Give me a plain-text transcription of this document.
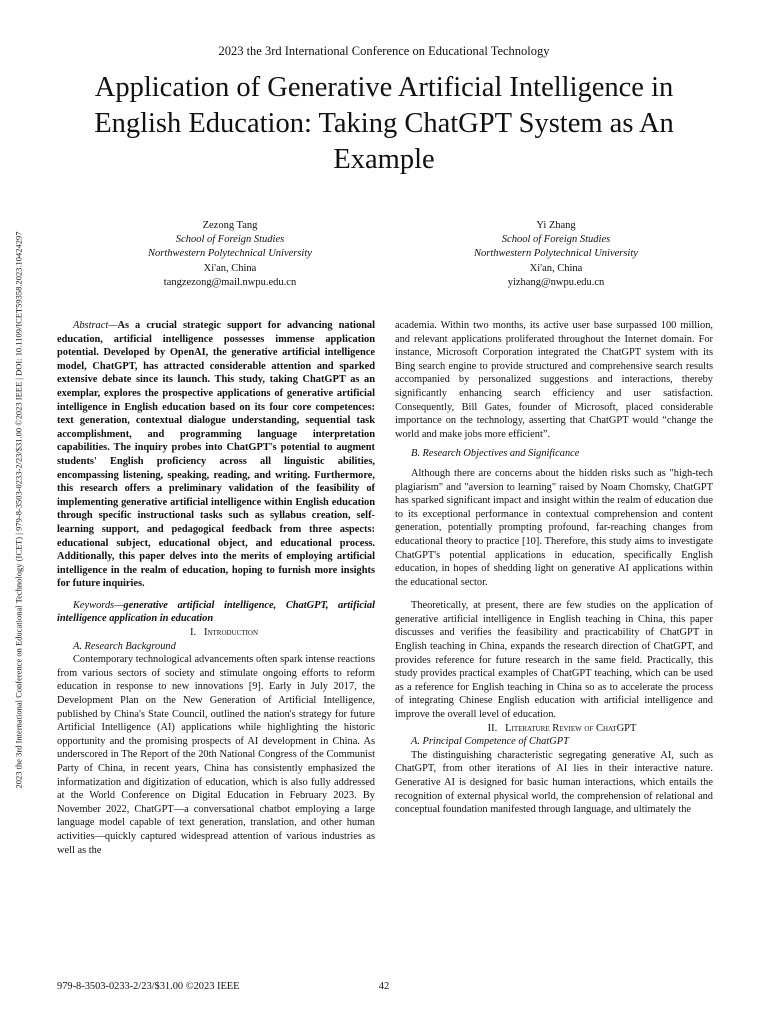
2023 the 3rd International Conference on Educational Technology
Application of Generative Artificial Intelligence in English Education: Taking ChatGPT System as An Example
2023 the 3rd International Conference on Educational Technology (ICET) | 979-8-3503-0233-2/23/$31.00 ©2023 IEEE | DOI: 10.1109/ICET59358.2023.10424297
Zezong Tang
School of Foreign Studies
Northwestern Polytechnical University
Xi'an, China
tangzezong@mail.nwpu.edu.cn
Yi Zhang
School of Foreign Studies
Northwestern Polytechnical University
Xi'an, China
yizhang@nwpu.edu.cn

Abstract—As a crucial strategic support for advancing national education, artificial intelligence possesses immense application potential. Developed by OpenAI, the generative artificial intelligence model, ChatGPT, has attracted considerable attention and sparked extensive debate since its launch. This study, taking ChatGPT as an exemplar, explores the prospective applications of generative artificial intelligence in English education based on its four core competences: text generation, contextual dialogue understanding, sequential task accomplishment, and programming language interpretation capabilities. The inquiry probes into ChatGPT's potential to augment students' English proficiency across all linguistic abilities, encompassing listening, speaking, reading, and writing. Furthermore, this research offers a preliminary validation of the feasibility of implementing generative artificial intelligence within English education through specific instructional tasks such as syllabus creation, self-learning support, and pedagogical feedback from three aspects: educational subject, educational object, and educational process. Additionally, this paper delves into the merits of employing artificial intelligence in the realm of education, hoping to furnish more insights for future inquiries.

Keywords—generative artificial intelligence, ChatGPT, artificial intelligence application in education

I. Introduction

A. Research Background

Contemporary technological advancements often spark intense reactions from various sectors of society and stimulate ongoing efforts to reform education in response to new innovations [9]. Early in July 2017, the Development Plan on the New Generation of Artificial Intelligence, published by China's State Council, outlined the nation's strategy for future Artificial Intelligence (AI) applications while highlighting the historic opportunity and the promising prospects of AI development in China. As underscored in The Report of the 20th National Congress of the Communist Party of China, in recent years, China has consistently emphasized the informatization and digitization of education, which is also fully addressed at the World Conference on Digital Education in February 2023. By November 2022, ChatGPT—a conversational chatbot employing a large language model capable of text generation, translation, and other human activities—quickly captured widespread attention of various industries as well as the

academia. Within two months, its active user base surpassed 100 million, and relevant applications proliferated throughout the Internet domain. For instance, Microsoft Corporation integrated the ChatGPT system with its Bing search engine to provide structured and comprehensive search results accompanied by personalized suggestions and interactions, thereby significantly enhancing search efficiency and user satisfaction. Consequently, Bill Gates, founder of Microsoft, placed considerable importance on the technology, asserting that ChatGPT would “change the world and make jobs more efficient”.

B. Research Objectives and Significance

Although there are concerns about the hidden risks such as "high-tech plagiarism" and "aversion to learning" raised by Noam Chomsky, ChatGPT has sparked significant impact and insight within the realm of education due to its exceptional performance in contextual comprehension and content generation, potentially prompting profound, far-reaching changes from educational theory to practice [10]. Therefore, this study aims to investigate ChatGPT's potential applications in education, specifically English education, in hopes of shedding light on generative AI applications within the educational sector.

Theoretically, at present, there are few studies on the application of generative artificial intelligence in English teaching in China, this paper discusses and verifies the feasibility and practicability of ChatGPT in English teaching in China, expands the research direction of ChatGPT, and provides reference for future research in the same field. Practically, this study provides practical examples of ChatGPT teaching, which can be used as a reference for English teaching in China so as to accelerate the process of integrating Chinese English education with artificial intelligence and improve the overall level of education.

II. Literature Review of ChatGPT

A. Principal Competence of ChatGPT

The distinguishing characteristic segregating generative AI, such as ChatGPT, from other iterations of AI lies in their interactive nature. Generative AI is designed for basic human interactions, which entails the recognition of external physical world, the comprehension of relational and conceptual foundation manifested through language, and ultimately the

979-8-3503-0233-2/23/$31.00 ©2023 IEEE	42
